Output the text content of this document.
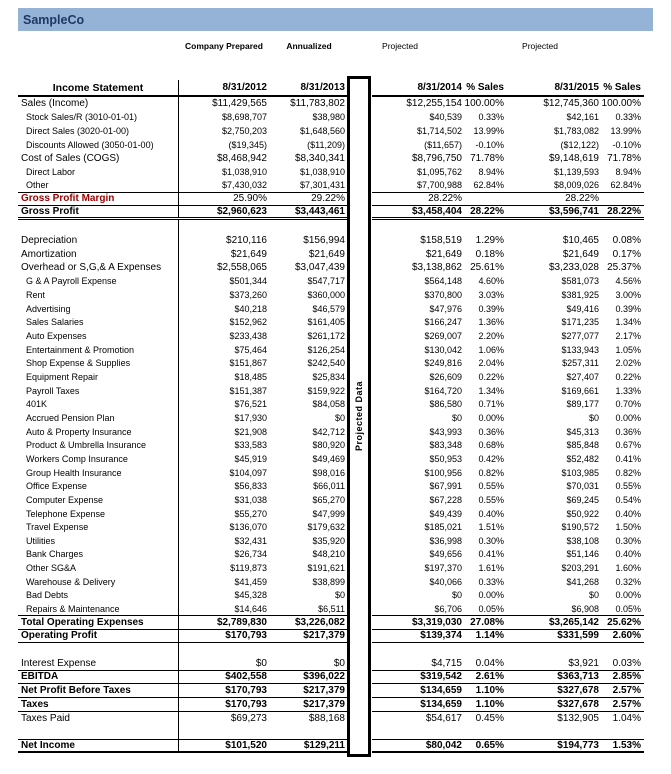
SampleCo
Company Prepared	Annualized	Projected	Projected
Income Statement	8/31/2012	8/31/2013	8/31/2014 % Sales	8/31/2015 % Sales
Sales (Income)	$11,429,565	$11,783,802	$12,255,154 100.00%	$12,745,360 100.00%
Stock Sales/R (3010-01-01)	$8,698,707	$38,980	$40,539	0.33%	$42,161	0.33%
Direct Sales (3020-01-00)	$2,750,203	$1,648,560	$1,714,502	13.99%	$1,783,082	13.99%
Discounts Allowed (3050-01-00)	($19,345)	($11,209)	($11,657)	-0.10%	($12,122)	-0.10%
Cost of Sales (COGS)	$8,468,942	$8,340,341	$8,796,750 71.78%	$9,148,619 71.78%
Direct Labor	$1,038,910	$1,038,910	$1,095,762	8.94%	$1,139,593	8.94%
Other	$7,430,032	$7,301,431	$7,700,988	62.84%	$8,009,026	62.84%
Gross Profit Margin	25.90%	29.22%	28.22%	28.22%
Gross Profit	$2,960,623	$3,443,461	$3,458,404 28.22%	$3,596,741 28.22%
Depreciation	$210,116	$156,994	$158,519	1.29%	$10,465	0.08%
Amortization	$21,649	$21,649	$21,649	0.18%	$21,649	0.17%
Overhead or S,G,& A Expenses	$2,558,065	$3,047,439	$3,138,862 25.61%	$3,233,028 25.37%
G & A Payroll Expense	$501,344	$547,717	$564,148	4.60%	$581,073	4.56%
Rent	$373,260	$360,000	$370,800	3.03%	$381,925	3.00%
Advertising	$40,218	$46,579	$47,976	0.39%	$49,416	0.39%
Sales Salaries	$152,962	$161,405	$166,247	1.36%	$171,235	1.34%
Auto Expenses	$233,438	$261,172	$269,007	2.20%	$277,077	2.17%
Entertainment & Promotion	$75,464	$126,254	$130,042	1.06%	$133,943	1.05%
Shop Expense & Supplies	$151,867	$242,540	$249,816	2.04%	$257,311	2.02%
Equipment Repair	$18,485	$25,834	$26,609	0.22%	$27,407	0.22%
Payroll Taxes	$151,387	$159,922	$164,720	1.34%	$169,661	1.33%
401K	$76,521	$84,058	$86,580	0.71%	$89,177	0.70%
Accrued Pension Plan	$17,930	$0	$0	0.00%	$0	0.00%
Auto & Property Insurance	$21,908	$42,712	$43,993	0.36%	$45,313	0.36%
Product & Umbrella Insurance	$33,583	$80,920	$83,348	0.68%	$85,848	0.67%
Workers Comp Insurance	$45,919	$49,469	$50,953	0.42%	$52,482	0.41%
Group Health Insurance	$104,097	$98,016	$100,956	0.82%	$103,985	0.82%
Office Expense	$56,833	$66,011	$67,991	0.55%	$70,031	0.55%
Computer Expense	$31,038	$65,270	$67,228	0.55%	$69,245	0.54%
Telephone Expense	$55,270	$47,999	$49,439	0.40%	$50,922	0.40%
Travel Expense	$136,070	$179,632	$185,021	1.51%	$190,572	1.50%
Utilities	$32,431	$35,920	$36,998	0.30%	$38,108	0.30%
Bank Charges	$26,734	$48,210	$49,656	0.41%	$51,146	0.40%
Other SG&A	$119,873	$191,621	$197,370	1.61%	$203,291	1.60%
Warehouse & Delivery	$41,459	$38,899	$40,066	0.33%	$41,268	0.32%
Bad Debts	$45,328	$0	$0	0.00%	$0	0.00%
Repairs & Maintenance	$14,646	$6,511	$6,706	0.05%	$6,908	0.05%
Total Operating Expenses	$2,789,830	$3,226,082	$3,319,030 27.08%	$3,265,142 25.62%
Operating Profit	$170,793	$217,379	$139,374	1.14%	$331,599	2.60%
Interest Expense	$0	$0	$4,715	0.04%	$3,921	0.03%
EBITDA	$402,558	$396,022	$319,542	2.61%	$363,713	2.85%
Net Profit Before Taxes	$170,793	$217,379	$134,659	1.10%	$327,678	2.57%
Taxes	$170,793	$217,379	$134,659	1.10%	$327,678	2.57%
Taxes Paid	$69,273	$88,168	$54,617	0.45%	$132,905	1.04%
Net Income	$101,520	$129,211	$80,042	0.65%	$194,773	1.53%
Projected Data
